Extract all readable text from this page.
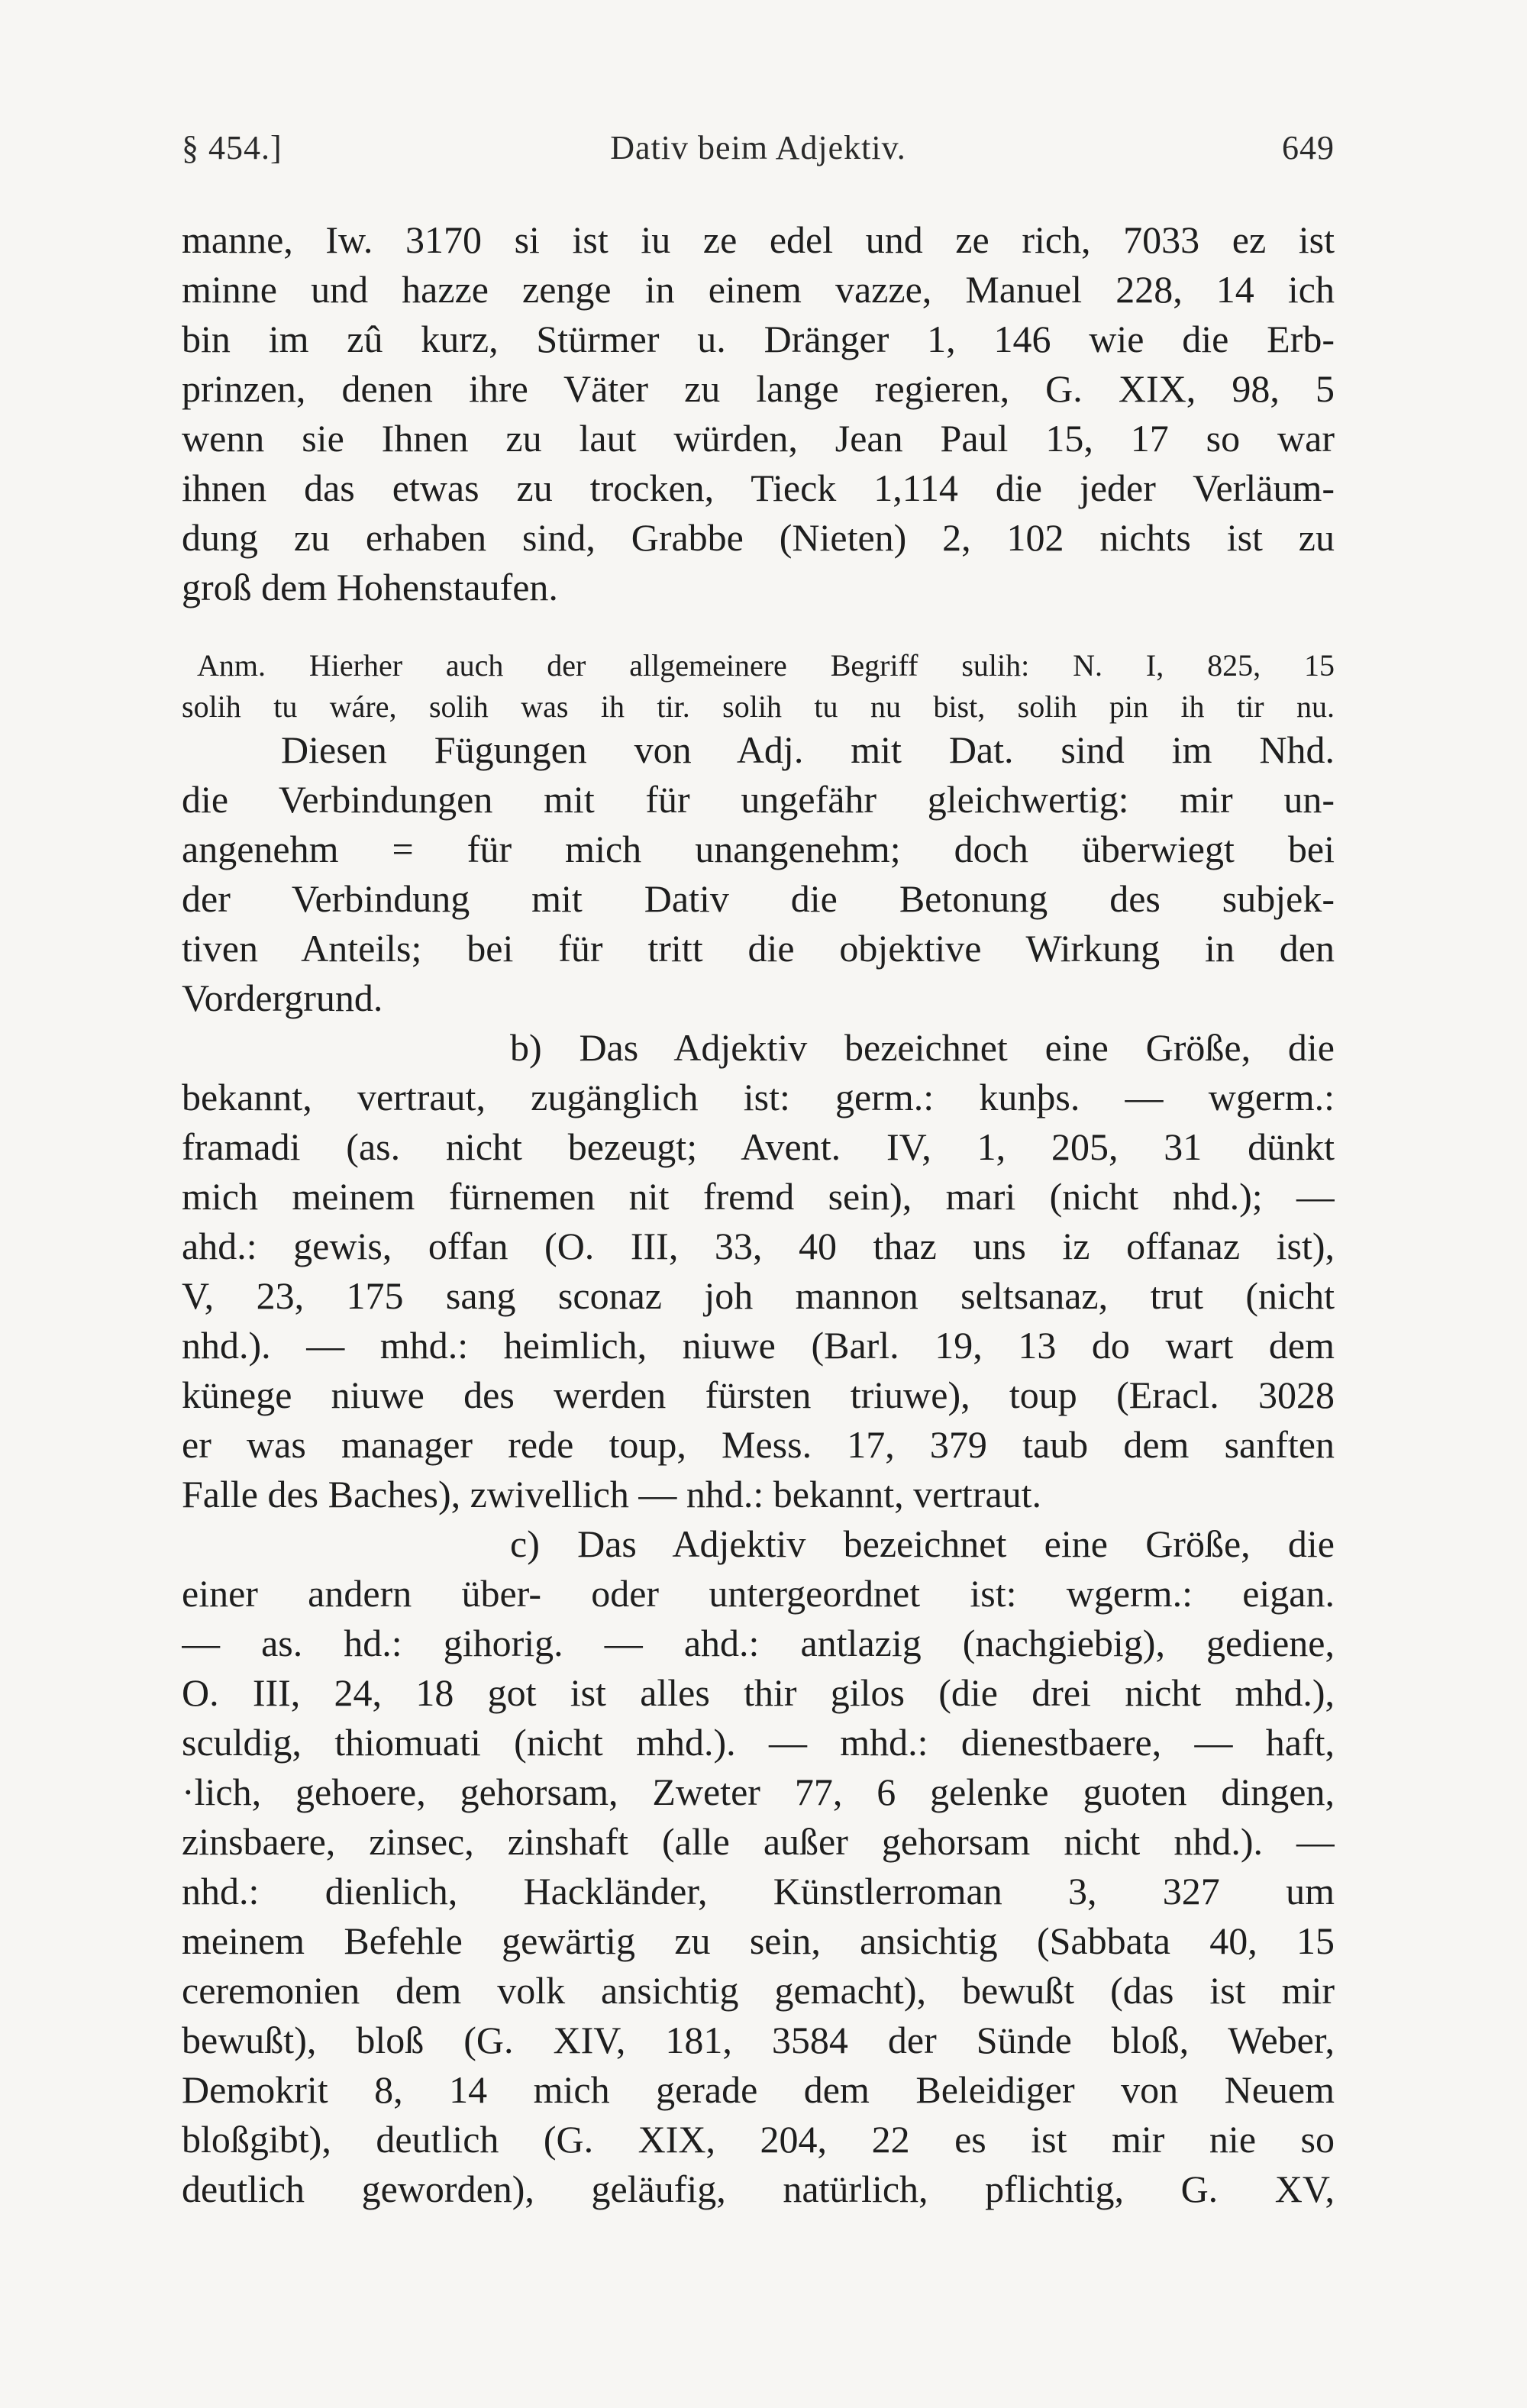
§ 454.]	Dativ beim Adjektiv.	649
manne, Iw. 3170 si ist iu ze edel und ze rich, 7033 ez ist
minne und hazze zenge in einem vazze, Manuel 228, 14 ich
bin im zû kurz, Stürmer u. Dränger 1, 146 wie die Erb-
prinzen, denen ihre Väter zu lange regieren, G. XIX, 98, 5
wenn sie Ihnen zu laut würden, Jean Paul 15, 17 so war
ihnen das etwas zu trocken, Tieck 1,114 die jeder Verläum-
dung zu erhaben sind, Grabbe (Nieten) 2, 102 nichts ist zu
groß dem Hohenstaufen.
Anm. Hierher auch der allgemeinere Begriff sulih: N. I, 825, 15
solih tu wáre, solih was ih tir. solih tu nu bist, solih pin ih tir nu.
Diesen Fügungen von Adj. mit Dat. sind im Nhd.
die Verbindungen mit für ungefähr gleichwertig: mir un-
angenehm = für mich unangenehm; doch überwiegt bei
der Verbindung mit Dativ die Betonung des subjek-
tiven Anteils; bei für tritt die objektive Wirkung in den
Vordergrund.
b) Das Adjektiv bezeichnet eine Größe, die
bekannt, vertraut, zugänglich ist: germ.: kunþs. — wgerm.:
framadi (as. nicht bezeugt; Avent. IV, 1, 205, 31 dünkt
mich meinem fürnemen nit fremd sein), mari (nicht nhd.); —
ahd.: gewis, offan (O. III, 33, 40 thaz uns iz offanaz ist),
V, 23, 175 sang sconaz joh mannon seltsanaz, trut (nicht
nhd.). — mhd.: heimlich, niuwe (Barl. 19, 13 do wart dem
künege niuwe des werden fürsten triuwe), toup (Eracl. 3028
er was manager rede toup, Mess. 17, 379 taub dem sanften
Falle des Baches), zwivellich — nhd.: bekannt, vertraut.
c) Das Adjektiv bezeichnet eine Größe, die
einer andern über- oder untergeordnet ist: wgerm.: eigan.
— as. hd.: gihorig. — ahd.: antlazig (nachgiebig), gediene,
O. III, 24, 18 got ist alles thir gilos (die drei nicht mhd.),
sculdig, thiomuati (nicht mhd.). — mhd.: dienestbaere, — haft,
·lich, gehoere, gehorsam, Zweter 77, 6 gelenke guoten dingen,
zinsbaere, zinsec, zinshaft (alle außer gehorsam nicht nhd.). —
nhd.: dienlich, Hackländer, Künstlerroman 3, 327 um
meinem Befehle gewärtig zu sein, ansichtig (Sabbata 40, 15
ceremonien dem volk ansichtig gemacht), bewußt (das ist mir
bewußt), bloß (G. XIV, 181, 3584 der Sünde bloß, Weber,
Demokrit 8, 14 mich gerade dem Beleidiger von Neuem
bloßgibt), deutlich (G. XIX, 204, 22 es ist mir nie so
deutlich geworden), geläufig, natürlich, pflichtig, G. XV,
